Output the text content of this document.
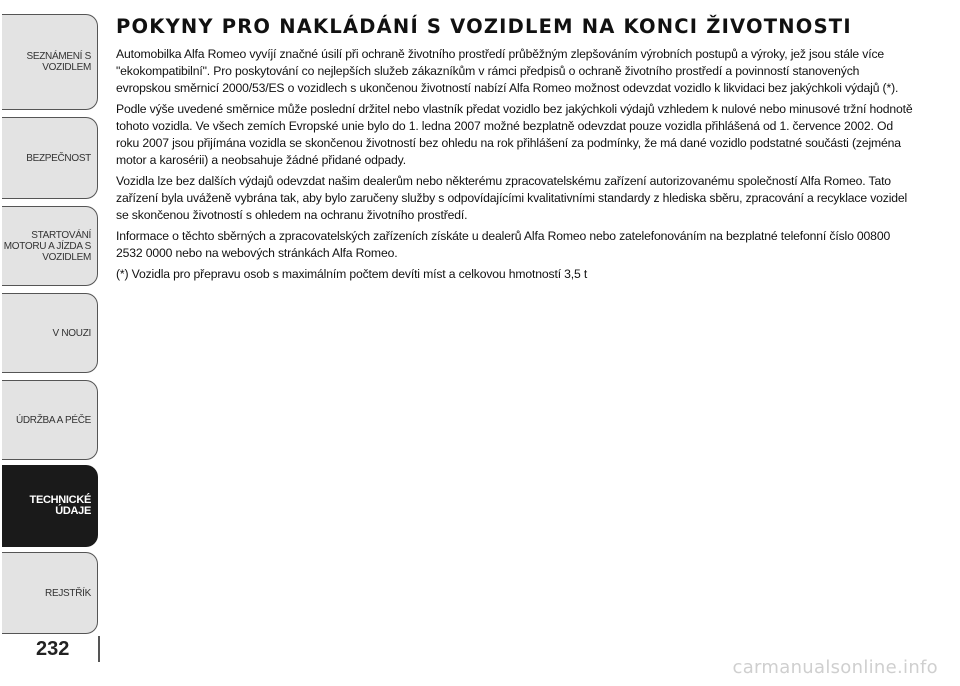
SEZNÁMENÍ S
VOZIDLEM
BEZPEČNOST
STARTOVÁNÍ
MOTORU A JÍZDA S
VOZIDLEM
V NOUZI
ÚDRŽBA A PÉČE
TECHNICKÉ ÚDAJE
REJSTŘÍK
232
POKYNY PRO NAKLÁDÁNÍ S VOZIDLEM NA KONCI ŽIVOTNOSTI

Automobilka Alfa Romeo vyvíjí značné úsilí při ochraně životního prostředí průběžným zlepšováním výrobních postupů a výroky, jež jsou stále více "ekokompatibilní". Pro poskytování co nejlepších služeb zákazníkům v rámci předpisů o ochraně životního prostředí a povinností stanovených evropskou směrnicí 2000/53/ES o vozidlech s ukončenou životností nabízí Alfa Romeo možnost odevzdat vozidlo k likvidaci bez jakýchkoli výdajů (*).

Podle výše uvedené směrnice může poslední držitel nebo vlastník předat vozidlo bez jakýchkoli výdajů vzhledem k nulové nebo minusové tržní hodnotě tohoto vozidla. Ve všech zemích Evropské unie bylo do 1. ledna 2007 možné bezplatně odevzdat pouze vozidla přihlášená od 1. července 2002. Od roku 2007 jsou přijímána vozidla se skončenou životností bez ohledu na rok přihlášení za podmínky, že má dané vozidlo podstatné součásti (zejména motor a karosérii) a neobsahuje žádné přidané odpady.

Vozidla lze bez dalších výdajů odevzdat našim dealerům nebo některému zpracovatelskému zařízení autorizovanému společností Alfa Romeo. Tato zařízení byla uváženě vybrána tak, aby bylo zaručeny služby s odpovídajícími kvalitativními standardy z hlediska sběru, zpracování a recyklace vozidel se skončenou životností s ohledem na ochranu životního prostředí.

Informace o těchto sběrných a zpracovatelských zařízeních získáte u dealerů Alfa Romeo nebo zatelefonováním na bezplatné telefonní číslo 00800 2532 0000 nebo na webových stránkách Alfa Romeo.

(*) Vozidla pro přepravu osob s maximálním počtem devíti míst a celkovou hmotností 3,5 t

carmanualsonline.info
